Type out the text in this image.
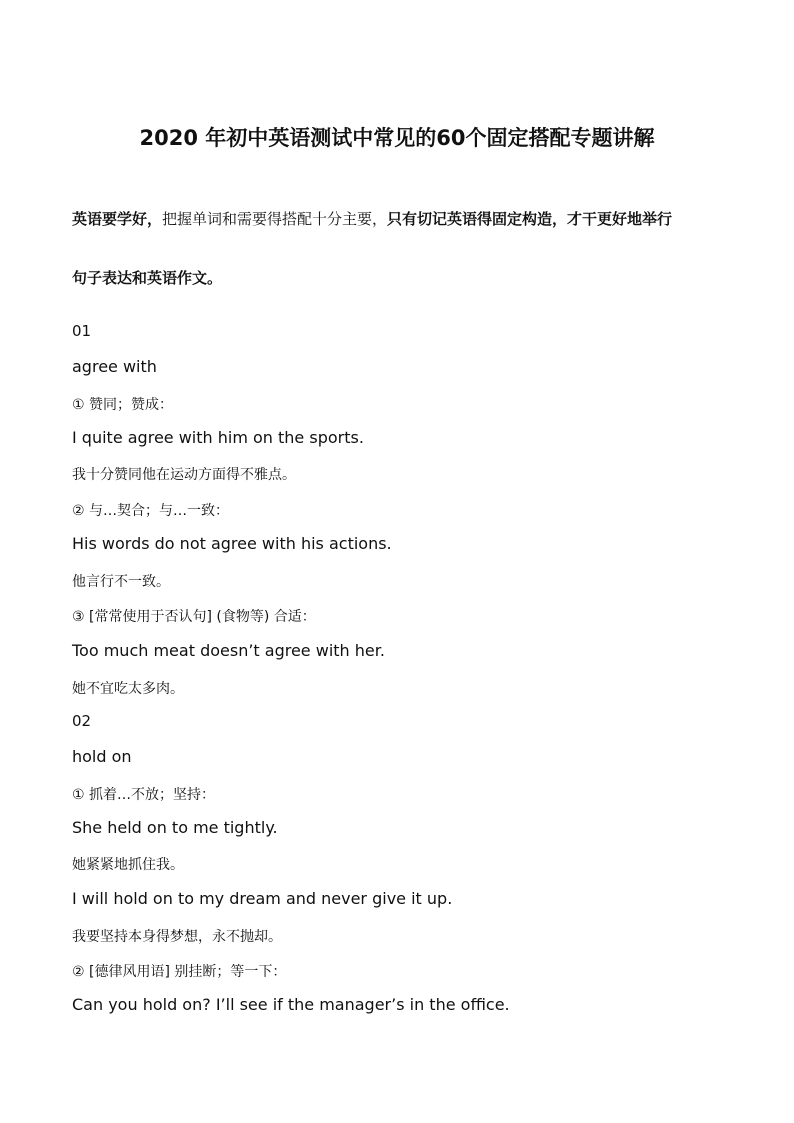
2020 年初中英语测试中常见的60个固定搭配专题讲解
英语要学好，把握单词和需要得搭配十分主要，只有切记英语得固定构造，才干更好地举行
句子表达和英语作文。
01
agree with
① 赞同；赞成：
I quite agree with him on the sports.
我十分赞同他在运动方面得不雅点。
② 与…契合；与…一致：
His words do not agree with his actions.
他言行不一致。
③ [常常使用于否认句] (食物等) 合适：
Too much meat doesn’t agree with her.
她不宜吃太多肉。
02
hold on
① 抓着…不放；坚持：
She held on to me tightly.
她紧紧地抓住我。
I will hold on to my dream and never give it up.
我要坚持本身得梦想，永不抛却。
② [德律风用语] 别挂断；等一下：
Can you hold on? I’ll see if the manager’s in the office.
